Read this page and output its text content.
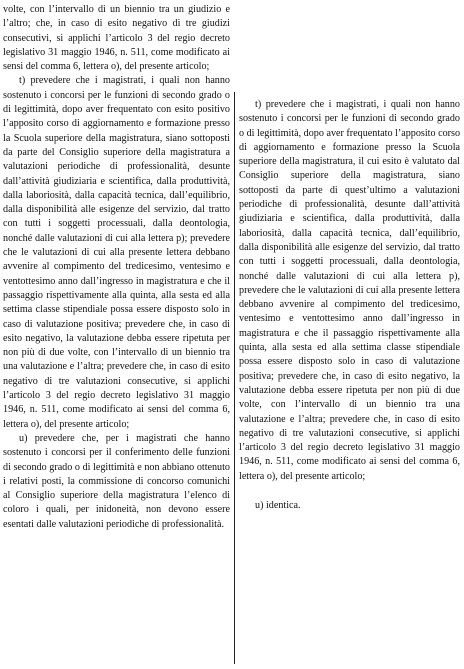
volte, con l’intervallo di un biennio tra un giudizio e l’altro; che, in caso di esito negativo di tre giudizi consecutivi, si applichi l’articolo 3 del regio decreto legislativo 31 maggio 1946, n. 511, come modificato ai sensi del comma 6, lettera o), del presente articolo;

t) prevedere che i magistrati, i quali non hanno sostenuto i concorsi per le funzioni di secondo grado o di legittimità, dopo aver frequentato con esito positivo l’apposito corso di aggiornamento e formazione presso la Scuola superiore della magistratura, siano sottoposti da parte del Consiglio superiore della magistratura a valutazioni periodiche di professionalità, desunte dall’attività giudiziaria e scientifica, dalla produttività, dalla laboriosità, dalla capacità tecnica, dall’equilibrio, dalla disponibilità alle esigenze del servizio, dal tratto con tutti i soggetti processuali, dalla deontologia, nonché dalle valutazioni di cui alla lettera p); prevedere che le valutazioni di cui alla presente lettera debbano avvenire al compimento del tredicesimo, ventesimo e ventottesimo anno dall’ingresso in magistratura e che il passaggio rispettivamente alla quinta, alla sesta ed alla settima classe stipendiale possa essere disposto solo in caso di valutazione positiva; prevedere che, in caso di esito negativo, la valutazione debba essere ripetuta per non più di due volte, con l’intervallo di un biennio tra una valutazione e l’altra; prevedere che, in caso di esito negativo di tre valutazioni consecutive, si applichi l’articolo 3 del regio decreto legislativo 31 maggio 1946, n. 511, come modificato ai sensi del comma 6, lettera o), del presente articolo;

u) prevedere che, per i magistrati che hanno sostenuto i concorsi per il conferimento delle funzioni di secondo grado o di legittimità e non abbiano ottenuto i relativi posti, la commissione di concorso comunichi al Consiglio superiore della magistratura l’elenco di coloro i quali, per inidoneità, non devono essere esentati dalle valutazioni periodiche di professionalità.

t) prevedere che i magistrati, i quali non hanno sostenuto i concorsi per le funzioni di secondo grado o di legittimità, dopo aver frequentato l’apposito corso di aggiornamento e formazione presso la Scuola superiore della magistratura, il cui esito è valutato dal Consiglio superiore della magistratura, siano sottoposti da parte di quest’ultimo a valutazioni periodiche di professionalità, desunte dall’attività giudiziaria e scientifica, dalla produttività, dalla laboriosità, dalla capacità tecnica, dall’equilibrio, dalla disponibilità alle esigenze del servizio, dal tratto con tutti i soggetti processuali, dalla deontologia, nonché dalle valutazioni di cui alla lettera p), prevedere che le valutazioni di cui alla presente lettera debbano avvenire al compimento del tredicesimo, ventesimo e ventottesimo anno dall’ingresso in magistratura e che il passaggio rispettivamente alla quinta, alla sesta ed alla settima classe stipendiale possa essere disposto solo in caso di valutazione positiva; prevedere che, in caso di esito negativo, la valutazione debba essere ripetuta per non più di due volte, con l’intervallo di un biennio tra una valutazione e l’altra; prevedere che, in caso di esito negativo di tre valutazioni consecutive, si applichi l’articolo 3 del regio decreto legislativo 31 maggio 1946, n. 511, come modificato ai sensi del comma 6, lettera o), del presente articolo;

u) identica.
